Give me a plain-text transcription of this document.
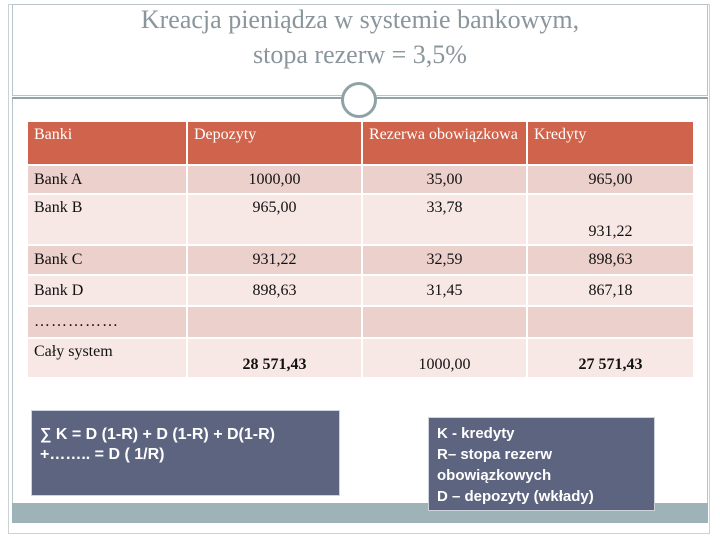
Kreacja pieniądza w systemie bankowym,
stopa rezerw = 3,5%
Banki	Depozyty	Rezerwa obowiązkowa	Kredyty
Bank A	1000,00	35,00	965,00
Bank B	965,00	33,78	931,22
Bank C	931,22	32,59	898,63
Bank D	898,63	31,45	867,18
……………			
Cały system	28 571,43	1000,00	27 571,43
∑ K = D (1-R) + D (1-R) + D(1-R)
+…….. = D ( 1/R)
K - kredyty
R– stopa rezerw
obowiązkowych
D – depozyty (wkłady)
